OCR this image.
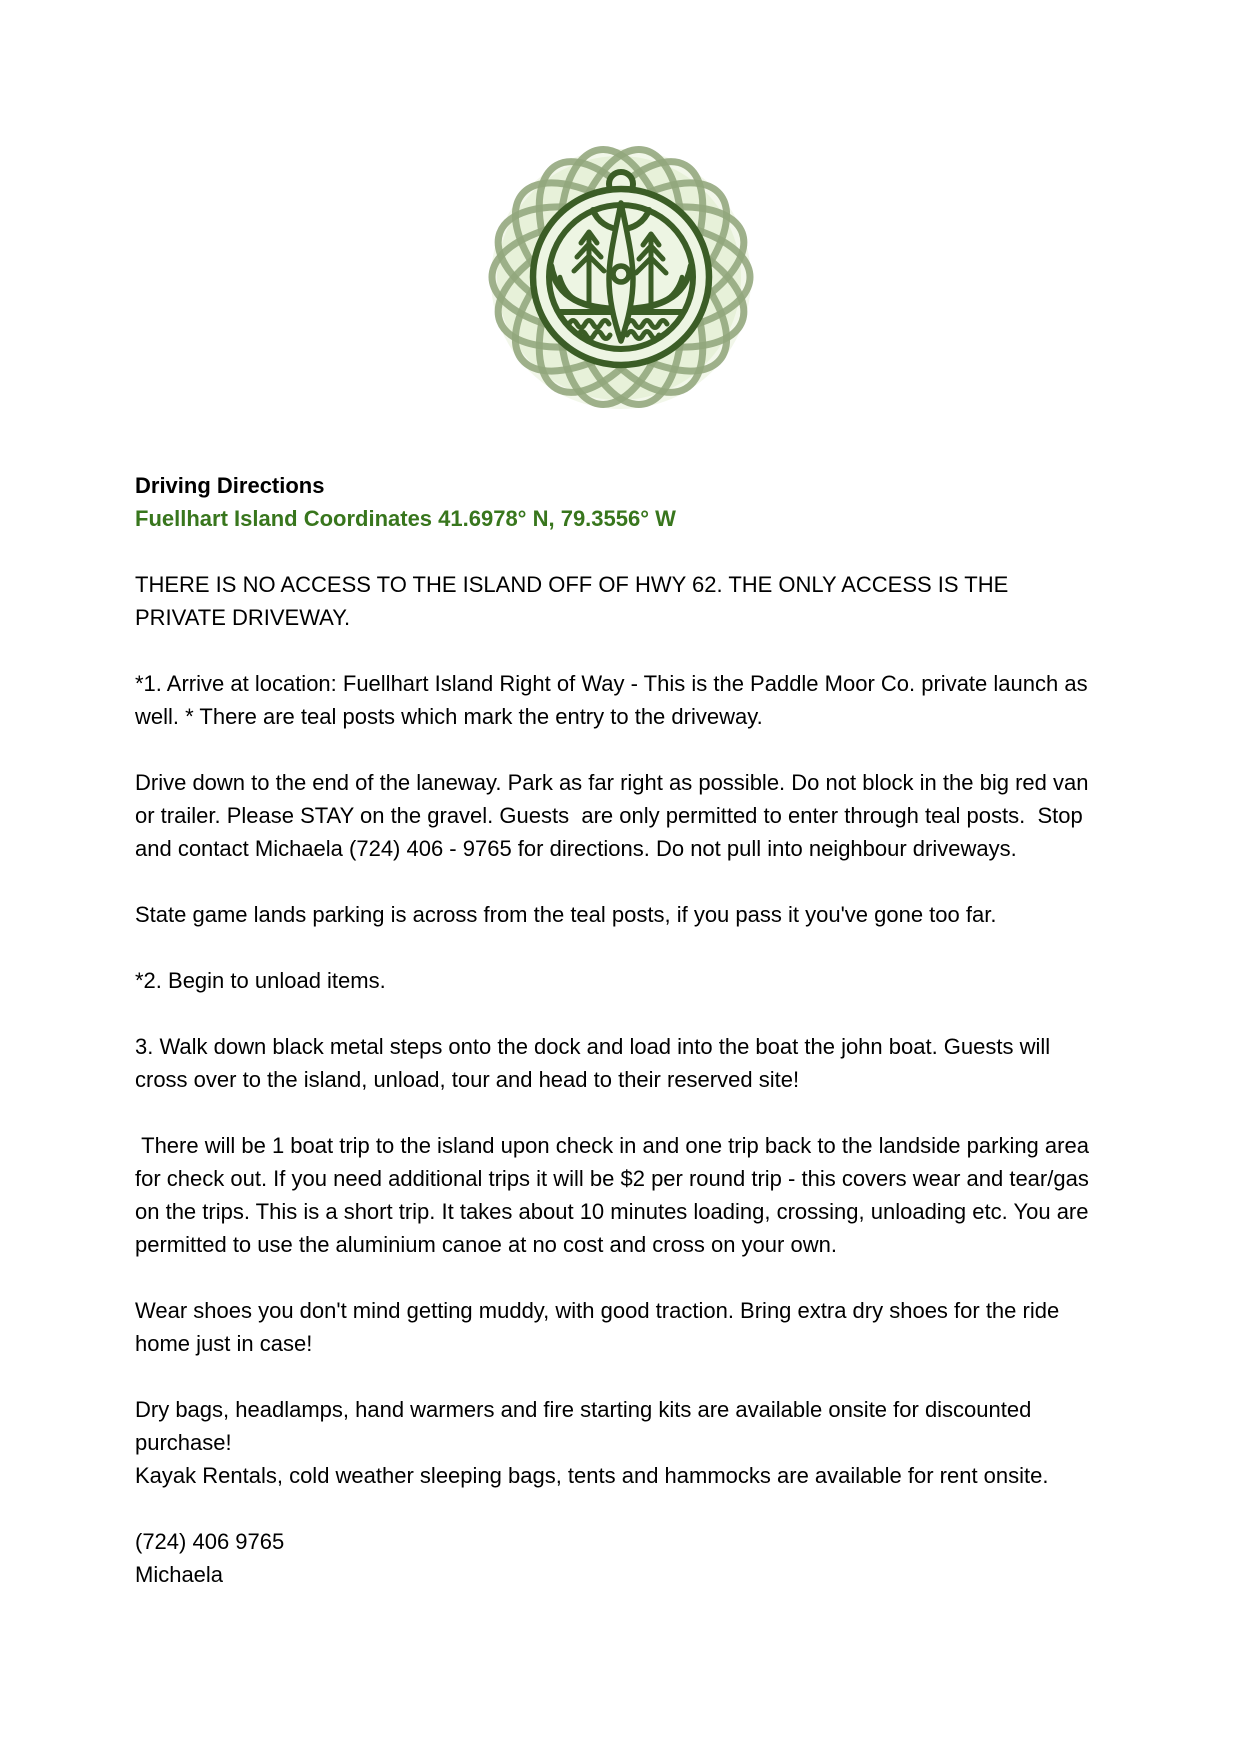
Driving Directions

Fuellhart Island Coordinates 41.6978° N, 79.3556° W

THERE IS NO ACCESS TO THE ISLAND OFF OF HWY 62. THE ONLY ACCESS IS THE PRIVATE DRIVEWAY.

*1. Arrive at location: Fuellhart Island Right of Way - This is the Paddle Moor Co. private launch as well. * There are teal posts which mark the entry to the driveway.

Drive down to the end of the laneway. Park as far right as possible. Do not block in the big red van or trailer. Please STAY on the gravel. Guests  are only permitted to enter through teal posts.  Stop and contact Michaela (724) 406 - 9765 for directions. Do not pull into neighbour driveways.

State game lands parking is across from the teal posts, if you pass it you've gone too far.

*2. Begin to unload items.

3. Walk down black metal steps onto the dock and load into the boat the john boat. Guests will cross over to the island, unload, tour and head to their reserved site!

There will be 1 boat trip to the island upon check in and one trip back to the landside parking area for check out. If you need additional trips it will be $2 per round trip - this covers wear and tear/gas on the trips. This is a short trip. It takes about 10 minutes loading, crossing, unloading etc. You are permitted to use the aluminium canoe at no cost and cross on your own.

Wear shoes you don't mind getting muddy, with good traction. Bring extra dry shoes for the ride home just in case!

Dry bags, headlamps, hand warmers and fire starting kits are available onsite for discounted purchase!

Kayak Rentals, cold weather sleeping bags, tents and hammocks are available for rent onsite.

(724) 406 9765

Michaela
